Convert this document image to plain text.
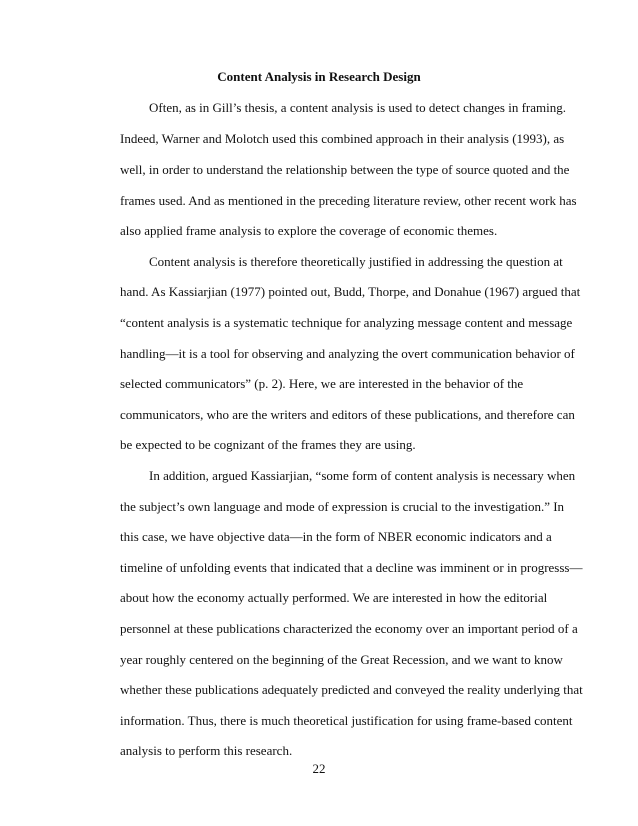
Content Analysis in Research Design

Often, as in Gill’s thesis, a content analysis is used to detect changes in framing.

Indeed, Warner and Molotch used this combined approach in their analysis (1993), as

well, in order to understand the relationship between the type of source quoted and the

frames used. And as mentioned in the preceding literature review, other recent work has

also applied frame analysis to explore the coverage of economic themes.

Content analysis is therefore theoretically justified in addressing the question at

hand. As Kassiarjian (1977) pointed out, Budd, Thorpe, and Donahue (1967) argued that

“content analysis is a systematic technique for analyzing message content and message

handling—it is a tool for observing and analyzing the overt communication behavior of

selected communicators” (p. 2). Here, we are interested in the behavior of the

communicators, who are the writers and editors of these publications, and therefore can

be expected to be cognizant of the frames they are using.

In addition, argued Kassiarjian, “some form of content analysis is necessary when

the subject’s own language and mode of expression is crucial to the investigation.” In

this case, we have objective data—in the form of NBER economic indicators and a

timeline of unfolding events that indicated that a decline was imminent or in progresss—

about how the economy actually performed. We are interested in how the editorial

personnel at these publications characterized the economy over an important period of a

year roughly centered on the beginning of the Great Recession, and we want to know

whether these publications adequately predicted and conveyed the reality underlying that

information. Thus, there is much theoretical justification for using frame-based content

analysis to perform this research.

22
